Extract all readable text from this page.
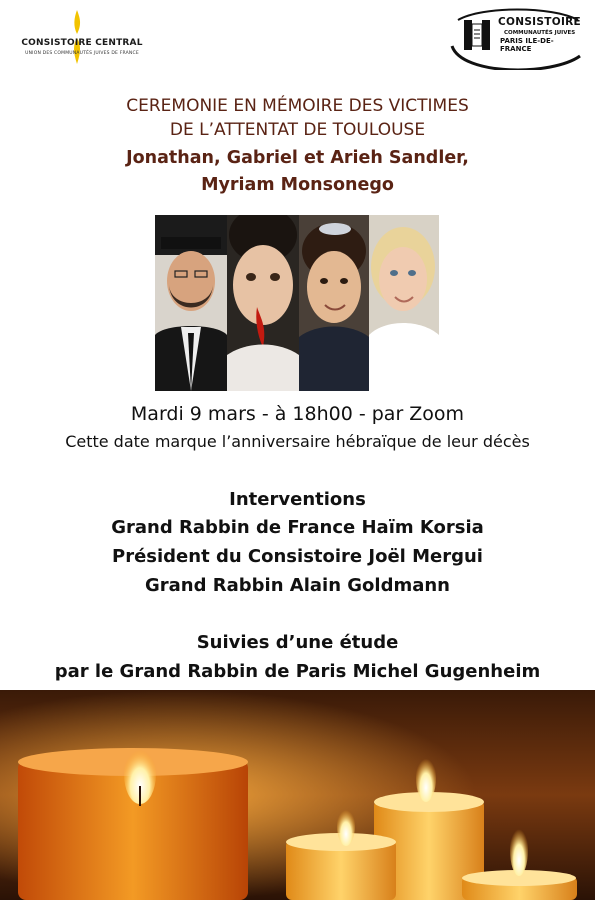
CONSISTOIRE CENTRAL
UNION DES COMMUNAUTÉS JUIVES DE FRANCE
CONSISTOIRE
COMMUNAUTÉS JUIVES
PARIS ILE-DE-FRANCE
CEREMONIE EN MÉMOIRE DES VICTIMES
DE L’ATTENTAT DE TOULOUSE
Jonathan, Gabriel et Arieh Sandler,
Myriam Monsonego
Mardi 9 mars - à 18h00 - par Zoom
Cette date marque l’anniversaire hébraïque de leur décès
Interventions
Grand Rabbin de France Haïm Korsia
Président du Consistoire Joël Mergui
Grand Rabbin Alain Goldmann
Suivies d’une étude
par le Grand Rabbin de Paris Michel Gugenheim
